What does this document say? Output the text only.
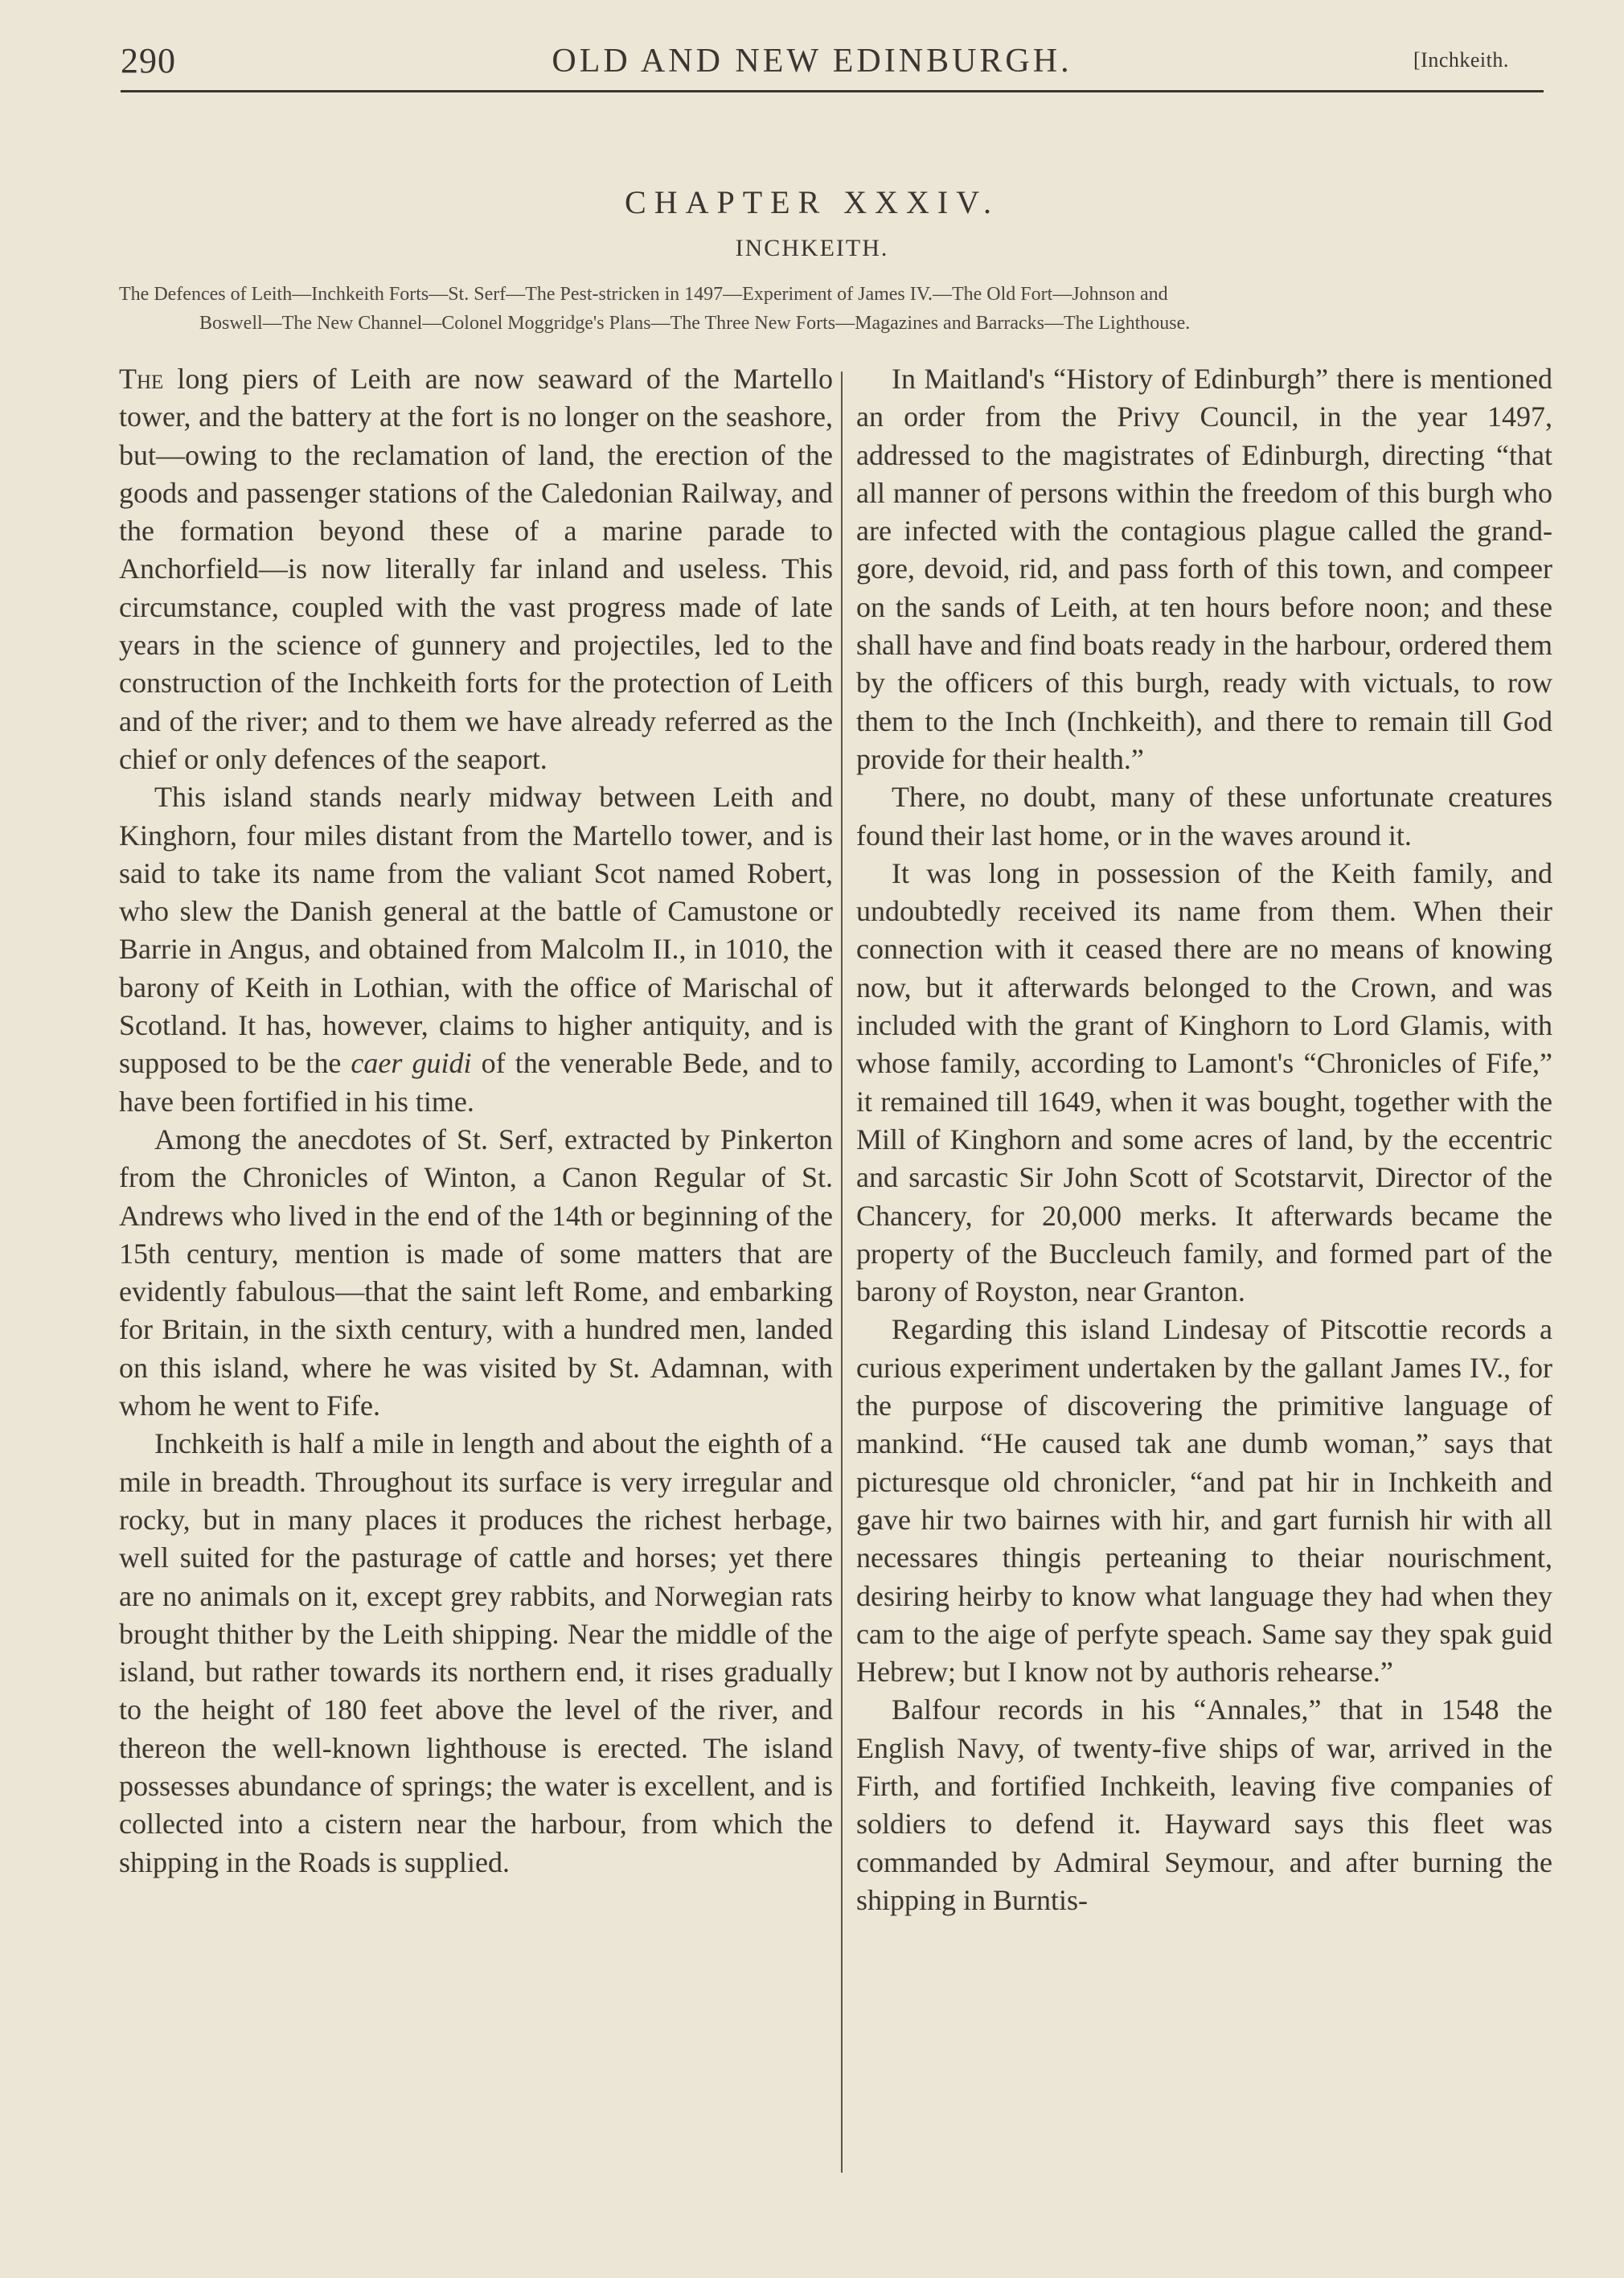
290	OLD AND NEW EDINBURGH.	[Inchkeith.
CHAPTER XXXIV.
INCHKEITH.
The Defences of Leith—Inchkeith Forts—St. Serf—The Pest-stricken in 1497—Experiment of James IV.—The Old Fort—Johnson and
Boswell—The New Channel—Colonel Moggridge's Plans—The Three New Forts—Magazines and Barracks—The Lighthouse.

The long piers of Leith are now seaward of the Martello tower, and the battery at the fort is no longer on the seashore, but—owing to the reclamation of land, the erection of the goods and passenger stations of the Caledonian Railway, and the formation beyond these of a marine parade to Anchorfield—is now literally far inland and useless. This circumstance, coupled with the vast progress made of late years in the science of gunnery and projectiles, led to the construction of the Inchkeith forts for the protection of Leith and of the river; and to them we have already referred as the chief or only defences of the seaport.

This island stands nearly midway between Leith and Kinghorn, four miles distant from the Martello tower, and is said to take its name from the valiant Scot named Robert, who slew the Danish general at the battle of Camustone or Barrie in Angus, and obtained from Malcolm II., in 1010, the barony of Keith in Lothian, with the office of Marischal of Scotland. It has, however, claims to higher antiquity, and is supposed to be the caer guidi of the venerable Bede, and to have been fortified in his time.

Among the anecdotes of St. Serf, extracted by Pinkerton from the Chronicles of Winton, a Canon Regular of St. Andrews who lived in the end of the 14th or beginning of the 15th century, mention is made of some matters that are evidently fabulous—that the saint left Rome, and embarking for Britain, in the sixth century, with a hundred men, landed on this island, where he was visited by St. Adamnan, with whom he went to Fife.

Inchkeith is half a mile in length and about the eighth of a mile in breadth. Throughout its surface is very irregular and rocky, but in many places it produces the richest herbage, well suited for the pasturage of cattle and horses; yet there are no animals on it, except grey rabbits, and Norwegian rats brought thither by the Leith shipping. Near the middle of the island, but rather towards its northern end, it rises gradually to the height of 180 feet above the level of the river, and thereon the well-known lighthouse is erected. The island possesses abundance of springs; the water is excellent, and is collected into a cistern near the harbour, from which the shipping in the Roads is supplied.

In Maitland's “History of Edinburgh” there is mentioned an order from the Privy Council, in the year 1497, addressed to the magistrates of Edinburgh, directing “that all manner of persons within the freedom of this burgh who are infected with the contagious plague called the grand-gore, devoid, rid, and pass forth of this town, and compeer on the sands of Leith, at ten hours before noon; and these shall have and find boats ready in the harbour, ordered them by the officers of this burgh, ready with victuals, to row them to the Inch (Inchkeith), and there to remain till God provide for their health.”

There, no doubt, many of these unfortunate creatures found their last home, or in the waves around it.

It was long in possession of the Keith family, and undoubtedly received its name from them. When their connection with it ceased there are no means of knowing now, but it afterwards belonged to the Crown, and was included with the grant of Kinghorn to Lord Glamis, with whose family, according to Lamont's “Chronicles of Fife,” it remained till 1649, when it was bought, together with the Mill of Kinghorn and some acres of land, by the eccentric and sarcastic Sir John Scott of Scotstarvit, Director of the Chancery, for 20,000 merks. It afterwards became the property of the Buccleuch family, and formed part of the barony of Royston, near Granton.

Regarding this island Lindesay of Pitscottie records a curious experiment undertaken by the gallant James IV., for the purpose of discovering the primitive language of mankind. “He caused tak ane dumb woman,” says that picturesque old chronicler, “and pat hir in Inchkeith and gave hir two bairnes with hir, and gart furnish hir with all necessares thingis perteaning to theiar nourischment, desiring heirby to know what language they had when they cam to the aige of perfyte speach. Same say they spak guid Hebrew; but I know not by authoris rehearse.”

Balfour records in his “Annales,” that in 1548 the English Navy, of twenty-five ships of war, arrived in the Firth, and fortified Inchkeith, leaving five companies of soldiers to defend it. Hayward says this fleet was commanded by Admiral Seymour, and after burning the shipping in Burntis-
